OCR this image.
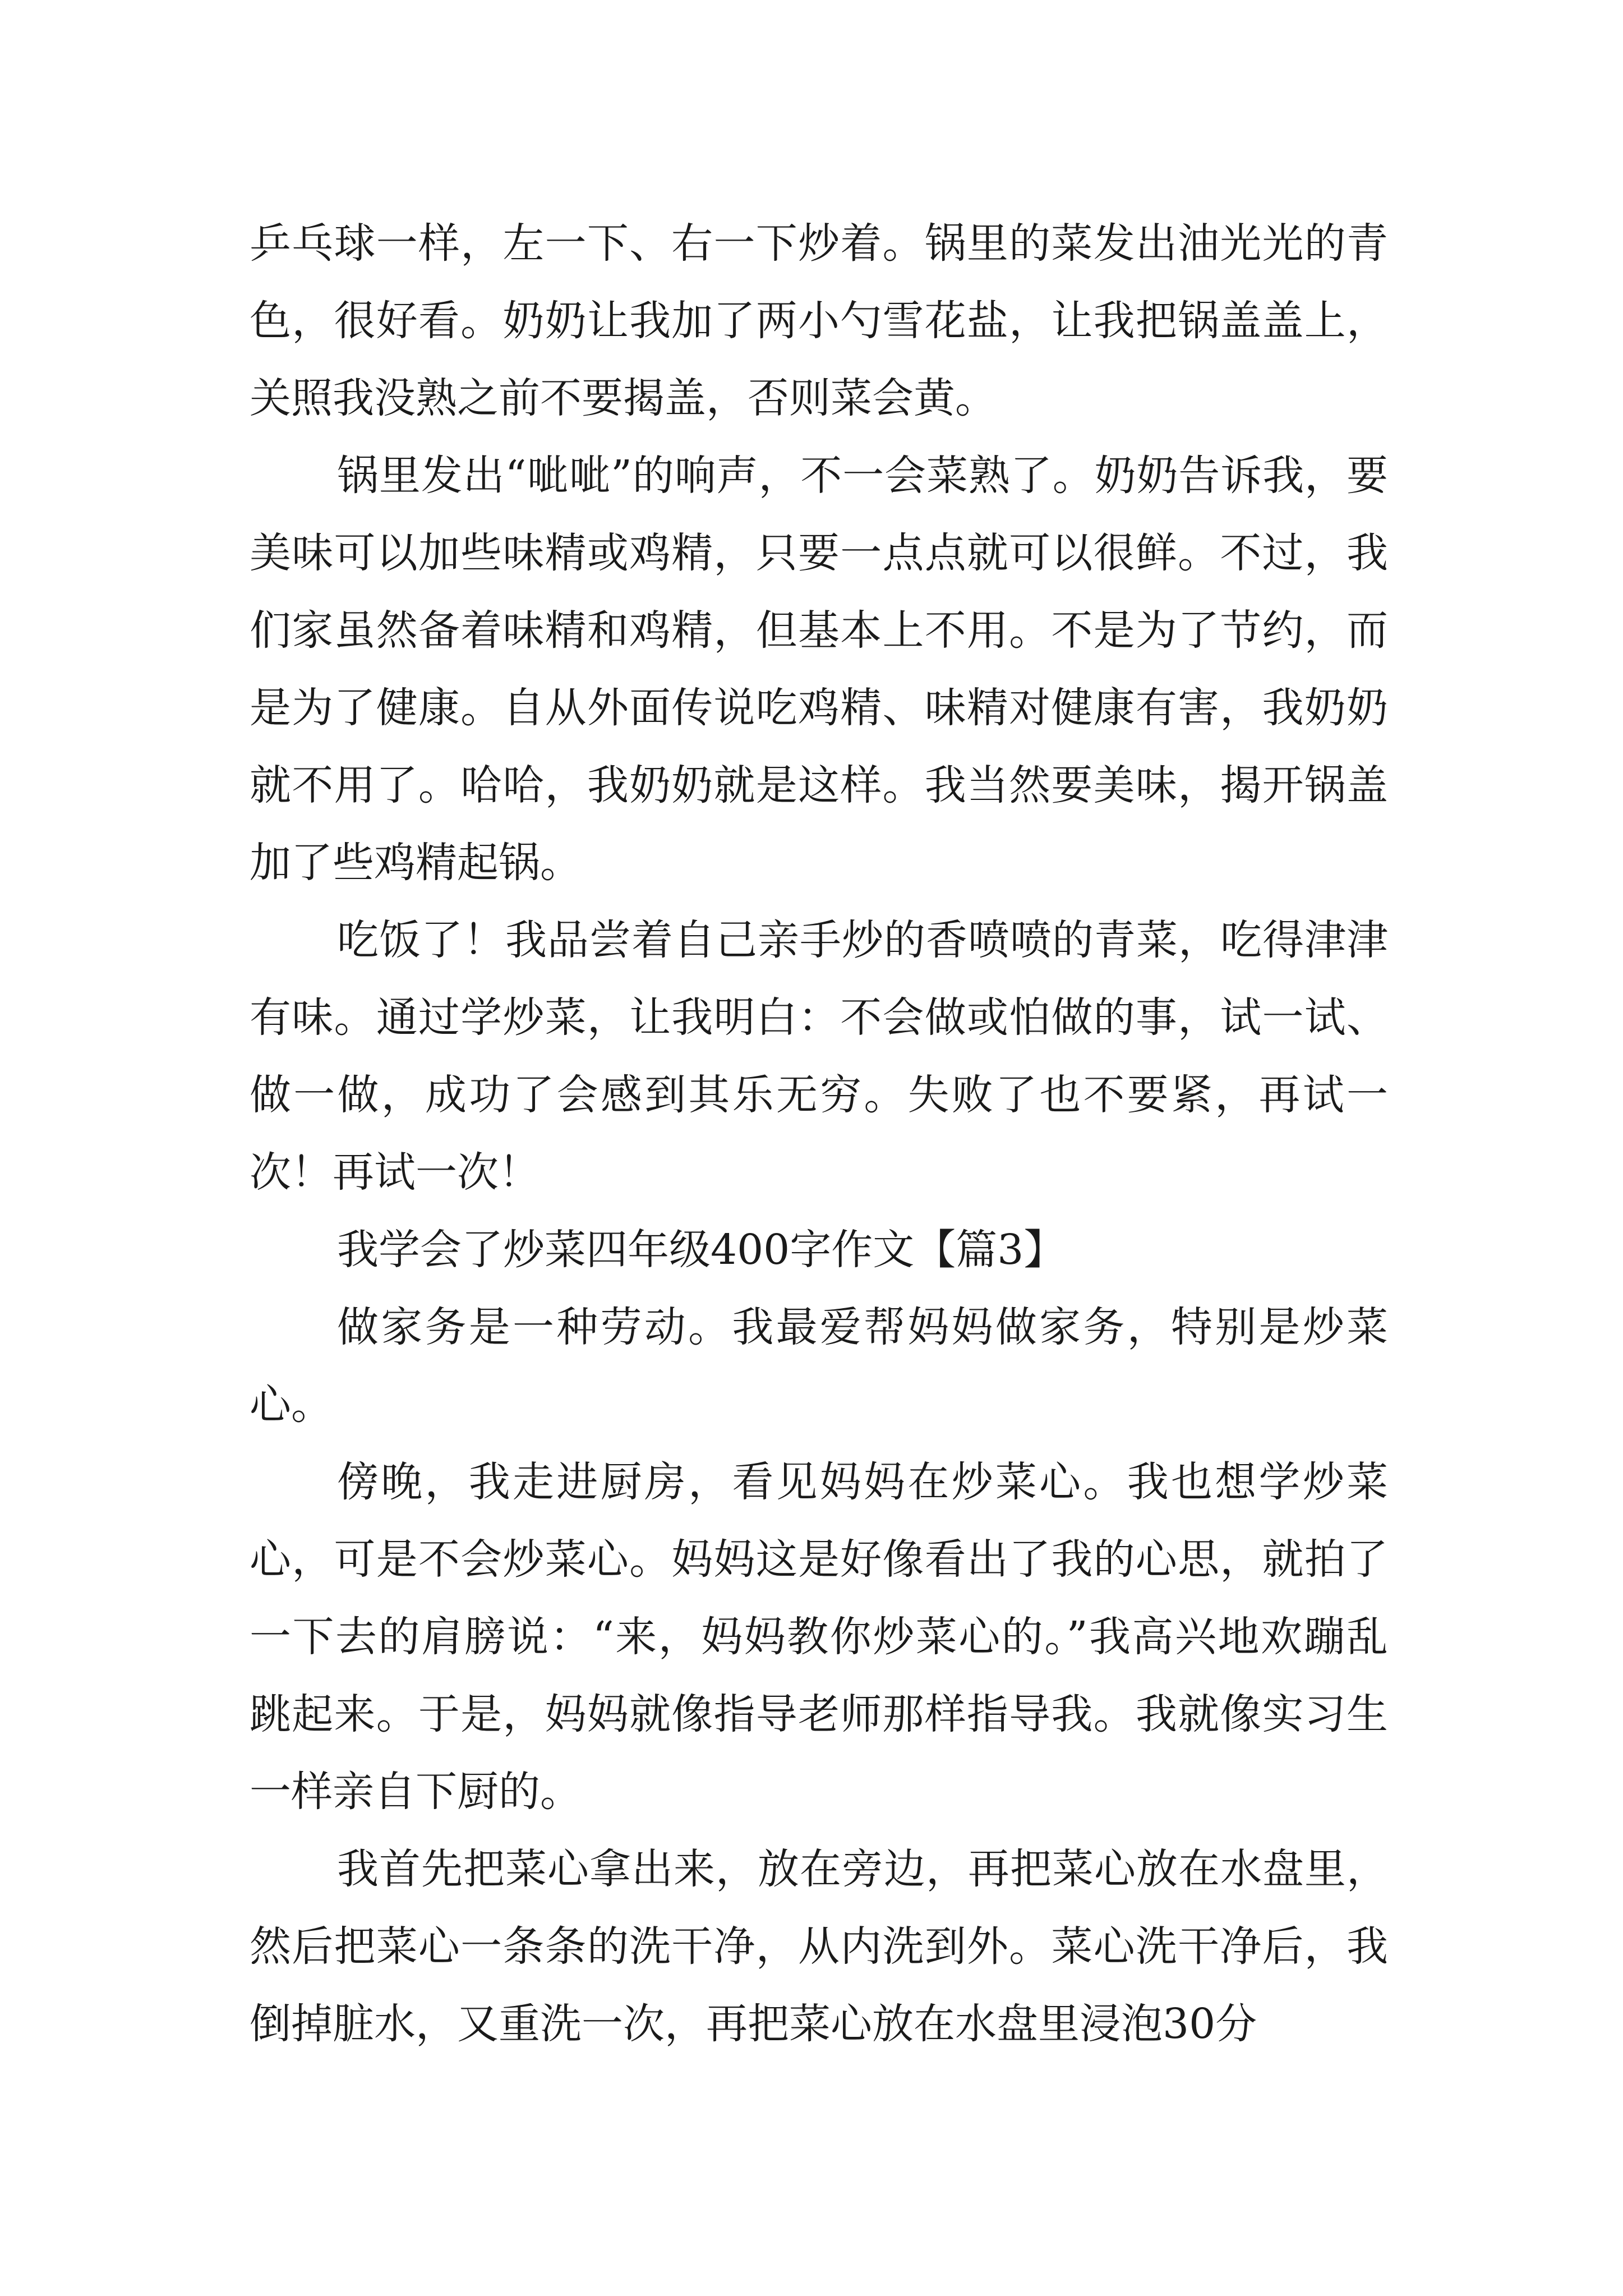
乒乓球一样，左一下、右一下炒着。锅里的菜发出油光光的青色，很好看。奶奶让我加了两小勺雪花盐，让我把锅盖盖上，关照我没熟之前不要揭盖，否则菜会黄。

锅里发出“呲呲”的响声，不一会菜熟了。奶奶告诉我，要美味可以加些味精或鸡精，只要一点点就可以很鲜。不过，我们家虽然备着味精和鸡精，但基本上不用。不是为了节约，而是为了健康。自从外面传说吃鸡精、味精对健康有害，我奶奶就不用了。哈哈，我奶奶就是这样。我当然要美味，揭开锅盖加了些鸡精起锅。

吃饭了！我品尝着自己亲手炒的香喷喷的青菜，吃得津津有味。通过学炒菜，让我明白：不会做或怕做的事，试一试、做一做，成功了会感到其乐无穷。失败了也不要紧，再试一次！再试一次！

我学会了炒菜四年级400字作文【篇3】

做家务是一种劳动。我最爱帮妈妈做家务，特别是炒菜心。

傍晚，我走进厨房，看见妈妈在炒菜心。我也想学炒菜心，可是不会炒菜心。妈妈这是好像看出了我的心思，就拍了一下去的肩膀说：“来，妈妈教你炒菜心的。”我高兴地欢蹦乱跳起来。于是，妈妈就像指导老师那样指导我。我就像实习生一样亲自下厨的。

我首先把菜心拿出来，放在旁边，再把菜心放在水盘里，然后把菜心一条条的洗干净，从内洗到外。菜心洗干净后，我倒掉脏水，又重洗一次，再把菜心放在水盘里浸泡30分
